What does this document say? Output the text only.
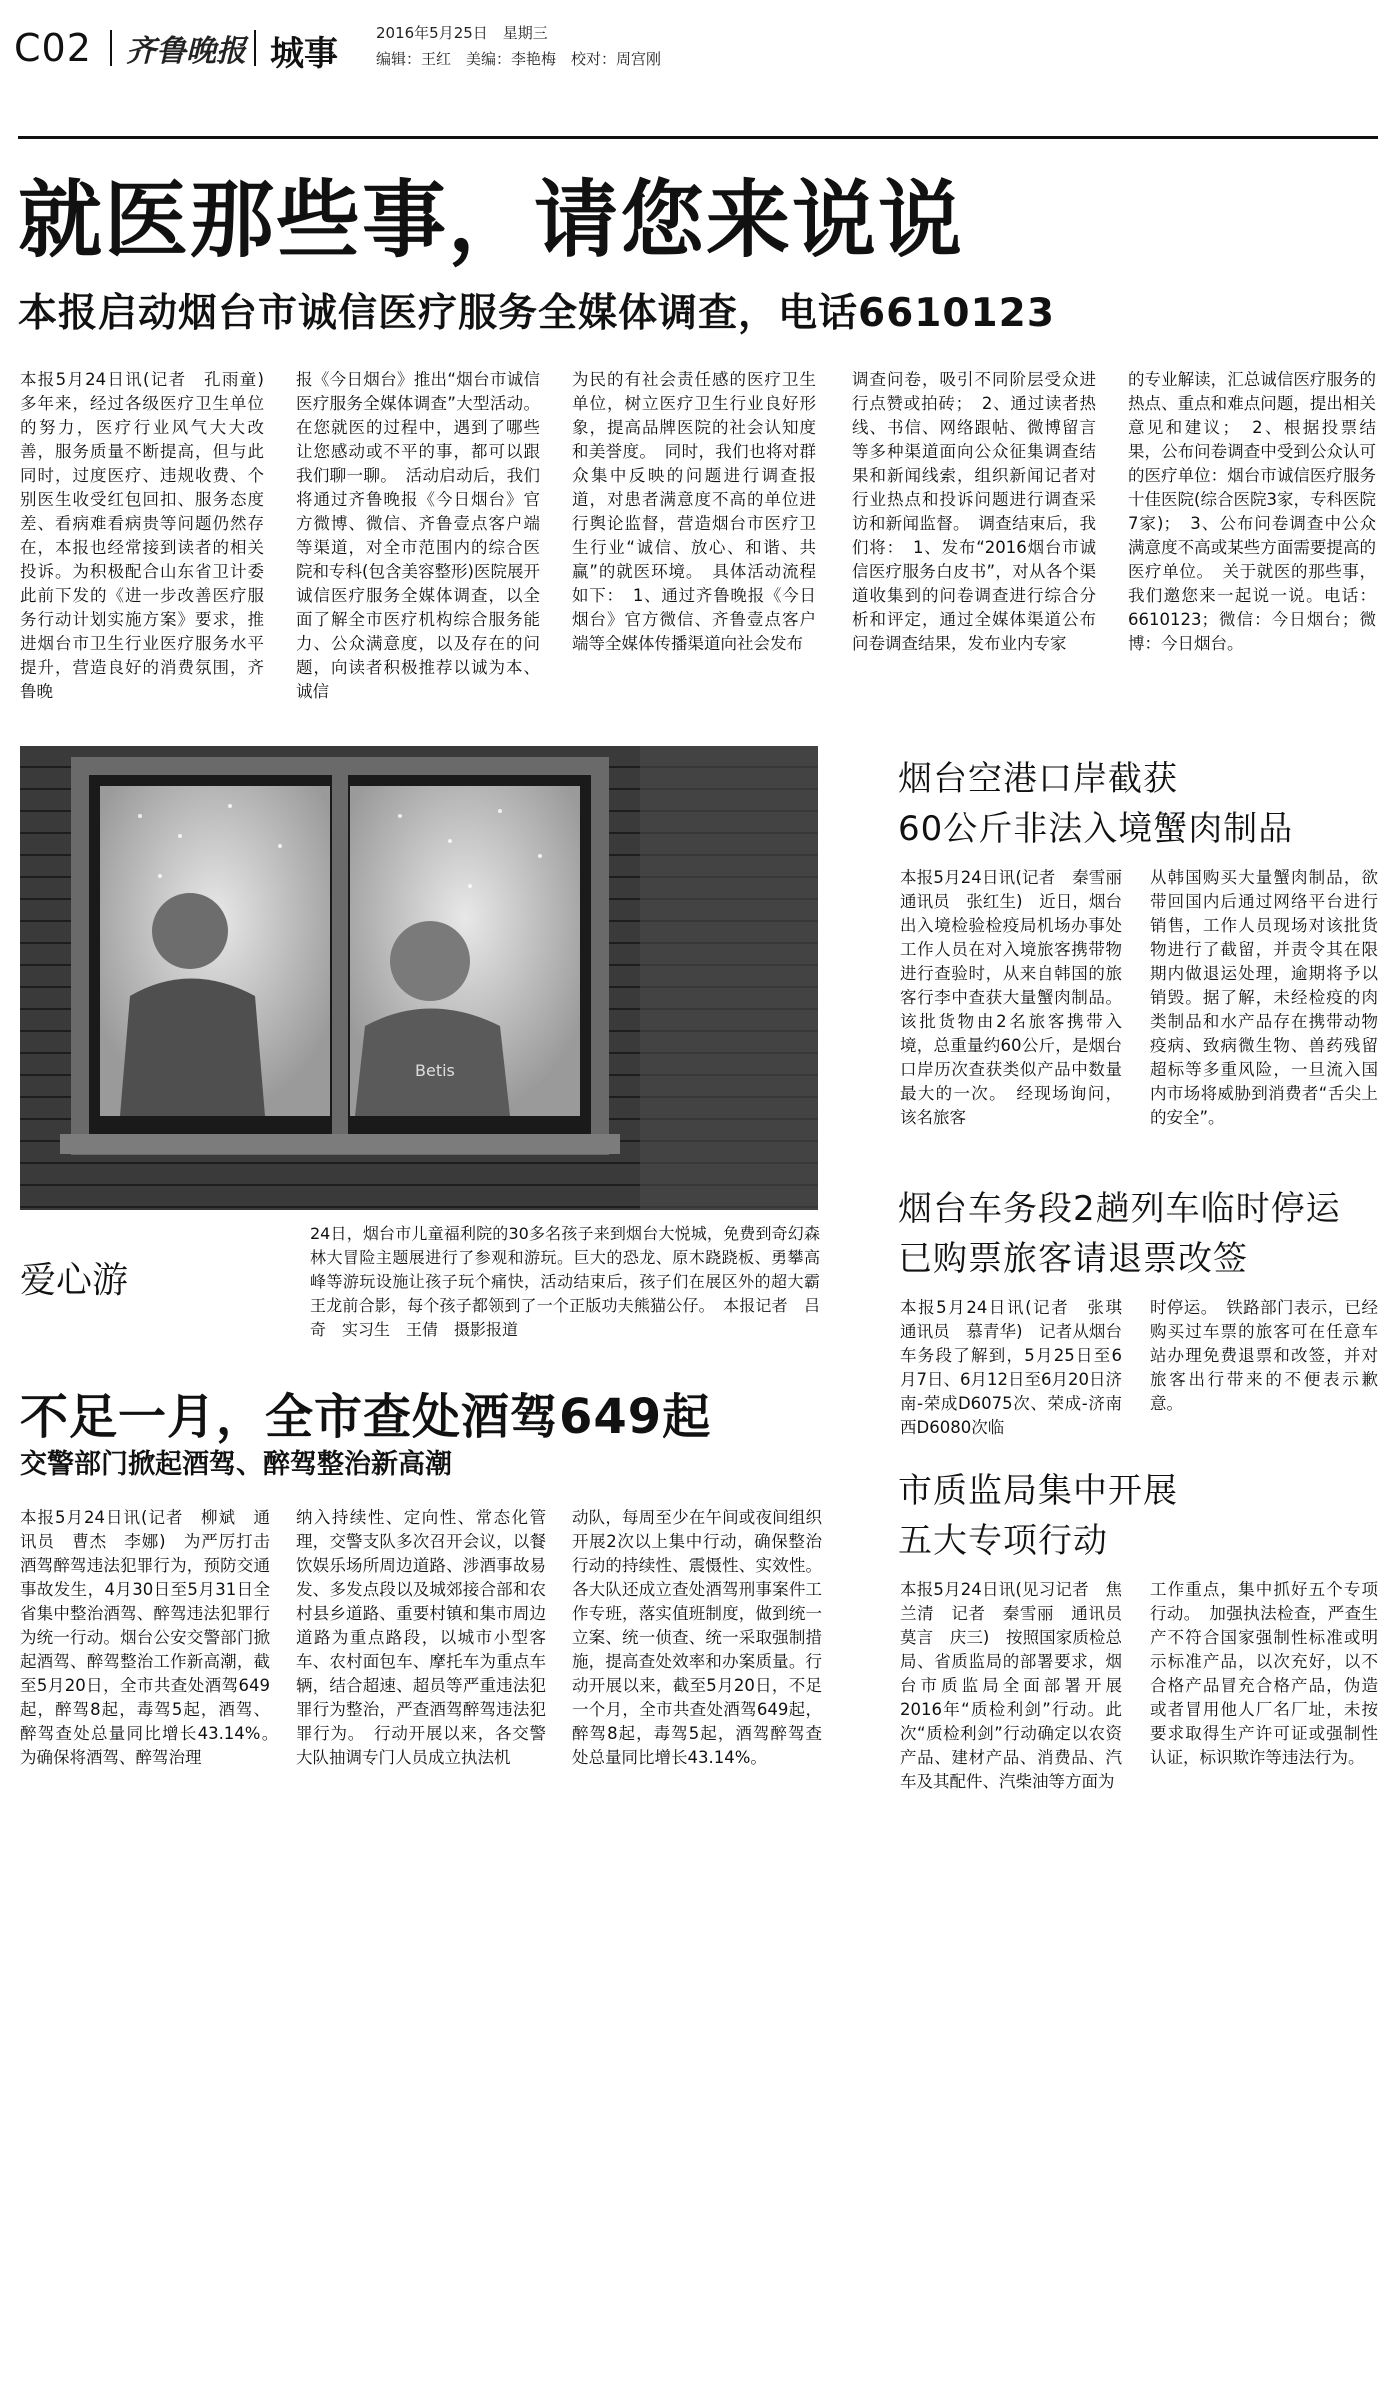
C02 齐鲁晚报 城事
2016年5月25日　星期三
编辑：王红　美编：李艳梅　校对：周宫刚
就医那些事，请您来说说
本报启动烟台市诚信医疗服务全媒体调查，电话6610123

本报5月24日讯(记者　孔雨童)　多年来，经过各级医疗卫生单位的努力，医疗行业风气大大改善，服务质量不断提高，但与此同时，过度医疗、违规收费、个别医生收受红包回扣、服务态度差、看病难看病贵等问题仍然存在，本报也经常接到读者的相关投诉。为积极配合山东省卫计委此前下发的《进一步改善医疗服务行动计划实施方案》要求，推进烟台市卫生行业医疗服务水平提升，营造良好的消费氛围，齐鲁晚

报《今日烟台》推出“烟台市诚信医疗服务全媒体调查”大型活动。在您就医的过程中，遇到了哪些让您感动或不平的事，都可以跟我们聊一聊。　活动启动后，我们将通过齐鲁晚报《今日烟台》官方微博、微信、齐鲁壹点客户端等渠道，对全市范围内的综合医院和专科(包含美容整形)医院展开诚信医疗服务全媒体调查，以全面了解全市医疗机构综合服务能力、公众满意度，以及存在的问题，向读者积极推荐以诚为本、诚信

为民的有社会责任感的医疗卫生单位，树立医疗卫生行业良好形象，提高品牌医院的社会认知度和美誉度。　同时，我们也将对群众集中反映的问题进行调查报道，对患者满意度不高的单位进行舆论监督，营造烟台市医疗卫生行业“诚信、放心、和谐、共赢”的就医环境。　具体活动流程如下：　1、通过齐鲁晚报《今日烟台》官方微信、齐鲁壹点客户端等全媒体传播渠道向社会发布

调查问卷，吸引不同阶层受众进行点赞或拍砖；　2、通过读者热线、书信、网络跟帖、微博留言等多种渠道面向公众征集调查结果和新闻线索，组织新闻记者对行业热点和投诉问题进行调查采访和新闻监督。　调查结束后，我们将：　1、发布“2016烟台市诚信医疗服务白皮书”，对从各个渠道收集到的问卷调查进行综合分析和评定，通过全媒体渠道公布问卷调查结果，发布业内专家

的专业解读，汇总诚信医疗服务的热点、重点和难点问题，提出相关意见和建议；　2、根据投票结果，公布问卷调查中受到公众认可的医疗单位：烟台市诚信医疗服务十佳医院(综合医院3家，专科医院7家)；　3、公布问卷调查中公众满意度不高或某些方面需要提高的医疗单位。　关于就医的那些事，我们邀您来一起说一说。电话：6610123；微信：今日烟台；微博：今日烟台。

Betis
爱心游
24日，烟台市儿童福利院的30多名孩子来到烟台大悦城，免费到奇幻森林大冒险主题展进行了参观和游玩。巨大的恐龙、原木跷跷板、勇攀高峰等游玩设施让孩子玩个痛快，活动结束后，孩子们在展区外的超大霸王龙前合影，每个孩子都领到了一个正版功夫熊猫公仔。　本报记者　吕奇　实习生　王倩　摄影报道
烟台空港口岸截获
60公斤非法入境蟹肉制品

本报5月24日讯(记者　秦雪丽　通讯员　张红生)　近日，烟台出入境检验检疫局机场办事处工作人员在对入境旅客携带物进行查验时，从来自韩国的旅客行李中查获大量蟹肉制品。该批货物由2名旅客携带入境，总重量约60公斤，是烟台口岸历次查获类似产品中数量最大的一次。　经现场询问，该名旅客

从韩国购买大量蟹肉制品，欲带回国内后通过网络平台进行销售，工作人员现场对该批货物进行了截留，并责令其在限期内做退运处理，逾期将予以销毁。据了解，未经检疫的肉类制品和水产品存在携带动物疫病、致病微生物、兽药残留超标等多重风险，一旦流入国内市场将威胁到消费者“舌尖上的安全”。

烟台车务段2趟列车临时停运
已购票旅客请退票改签

本报5月24日讯(记者　张琪　通讯员　慕青华)　记者从烟台车务段了解到，5月25日至6月7日、6月12日至6月20日济南-荣成D6075次、荣成-济南西D6080次临

时停运。　铁路部门表示，已经购买过车票的旅客可在任意车站办理免费退票和改签，并对旅客出行带来的不便表示歉意。

不足一月，全市查处酒驾649起
交警部门掀起酒驾、醉驾整治新高潮

本报5月24日讯(记者　柳斌　通讯员　曹杰　李娜)　为严厉打击酒驾醉驾违法犯罪行为，预防交通事故发生，4月30日至5月31日全省集中整治酒驾、醉驾违法犯罪行为统一行动。烟台公安交警部门掀起酒驾、醉驾整治工作新高潮，截至5月20日，全市共查处酒驾649起，醉驾8起，毒驾5起，酒驾、醉驾查处总量同比增长43.14%。　为确保将酒驾、醉驾治理

纳入持续性、定向性、常态化管理，交警支队多次召开会议，以餐饮娱乐场所周边道路、涉酒事故易发、多发点段以及城郊接合部和农村县乡道路、重要村镇和集市周边道路为重点路段，以城市小型客车、农村面包车、摩托车为重点车辆，结合超速、超员等严重违法犯罪行为整治，严查酒驾醉驾违法犯罪行为。　行动开展以来，各交警大队抽调专门人员成立执法机

动队，每周至少在午间或夜间组织开展2次以上集中行动，确保整治行动的持续性、震慑性、实效性。各大队还成立查处酒驾刑事案件工作专班，落实值班制度，做到统一立案、统一侦查、统一采取强制措施，提高查处效率和办案质量。行动开展以来，截至5月20日，不足一个月，全市共查处酒驾649起，醉驾8起，毒驾5起，酒驾醉驾查处总量同比增长43.14%。

市质监局集中开展
五大专项行动

本报5月24日讯(见习记者　焦兰清　记者　秦雪丽　通讯员　莫言　庆三)　按照国家质检总局、省质监局的部署要求，烟台市质监局全面部署开展2016年“质检利剑”行动。此次“质检利剑”行动确定以农资产品、建材产品、消费品、汽车及其配件、汽柴油等方面为

工作重点，集中抓好五个专项行动。　加强执法检查，严查生产不符合国家强制性标准或明示标准产品，以次充好，以不合格产品冒充合格产品，伪造或者冒用他人厂名厂址，未按要求取得生产许可证或强制性认证，标识欺诈等违法行为。
